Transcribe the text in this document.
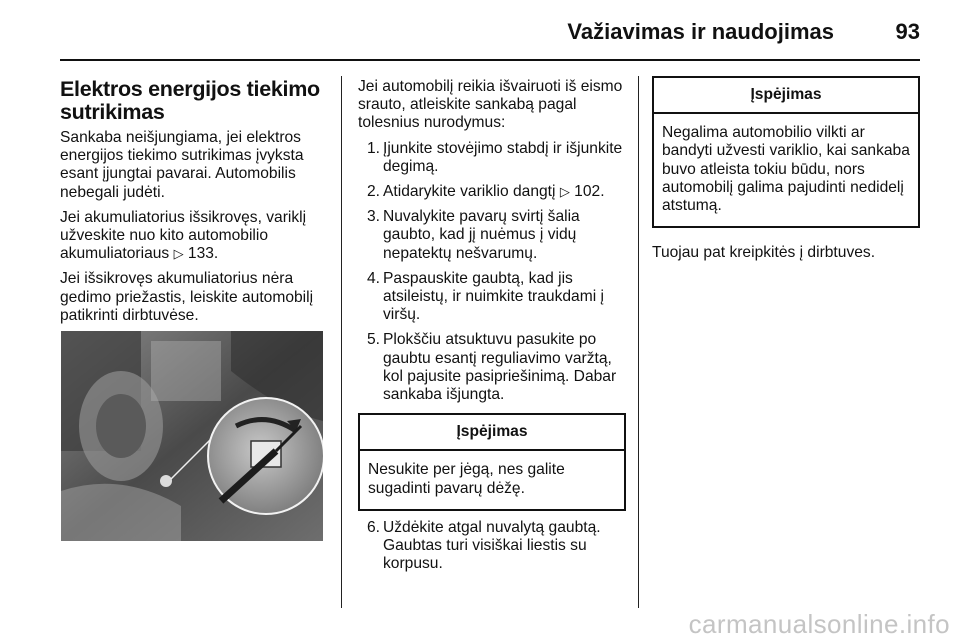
Važiavimas ir naudojimas	93
Elektros energijos tiekimo sutrikimas

Sankaba neišjungiama, jei elektros energijos tiekimo sutrikimas įvyksta esant įjungtai pavarai. Automobilis nebegali judėti.

Jei akumuliatorius išsikrovęs, variklį užveskite nuo kito automobilio akumuliatoriaus ▷ 133.

Jei išsikrovęs akumuliatorius nėra gedimo priežastis, leiskite automobilį patikrinti dirbtuvėse.

Jei automobilį reikia išvairuoti iš eismo srauto, atleiskite sankabą pagal tolesnius nurodymus:

1. Įjunkite stovėjimo stabdį ir išjunkite degimą.
2. Atidarykite variklio dangtį ▷ 102.
3. Nuvalykite pavarų svirtį šalia gaubto, kad jį nuėmus į vidų nepatektų nešvarumų.
4. Paspauskite gaubtą, kad jis atsileistų, ir nuimkite traukdami į viršų.
5. Plokščiu atsuktuvu pasukite po gaubtu esantį reguliavimo varžtą, kol pajusite pasipriešinimą. Dabar sankaba išjungta.
Įspėjimas
Nesukite per jėgą, nes galite sugadinti pavarų dėžę.
6. Uždėkite atgal nuvalytą gaubtą. Gaubtas turi visiškai liestis su korpusu.
Įspėjimas
Negalima automobilio vilkti ar bandyti užvesti variklio, kai sankaba buvo atleista tokiu būdu, nors automobilį galima pajudinti nedidelį atstumą.

Tuojau pat kreipkitės į dirbtuves.

carmanualsonline.info
